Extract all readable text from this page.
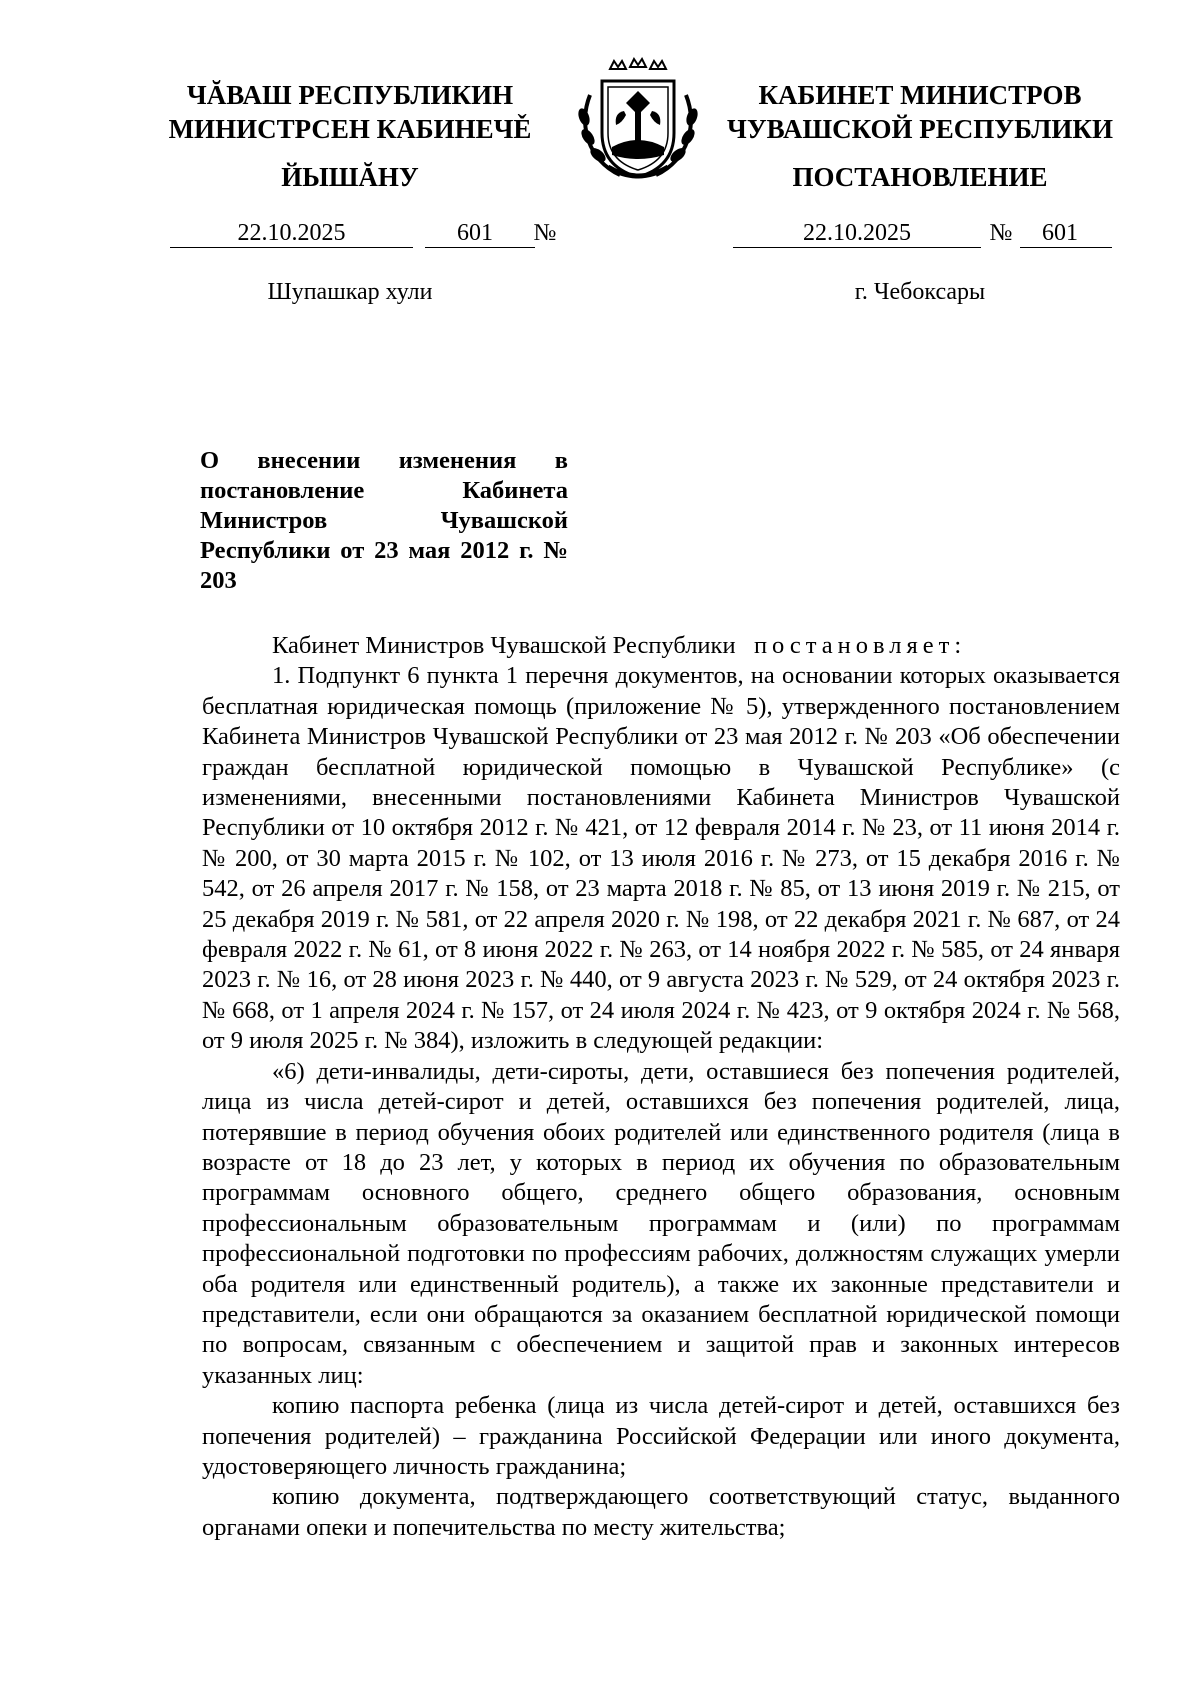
ЧĂВАШ РЕСПУБЛИКИН
МИНИСТРСЕН КАБИНЕЧĚ
ЙЫШĂНУ
КАБИНЕТ МИНИСТРОВ
ЧУВАШСКОЙ РЕСПУБЛИКИ
ПОСТАНОВЛЕНИЕ
22.10.2025	601	№	22.10.2025	№	601
Шупашкар хули	г. Чебоксары
О внесении изменения в постановление Кабинета Министров Чувашской Республики от 23 мая 2012 г. № 203

Кабинет Министров Чувашской Республики постановляет:

1. Подпункт 6 пункта 1 перечня документов, на основании которых оказывается бесплатная юридическая помощь (приложение № 5), утвержденного постановлением Кабинета Министров Чувашской Республики от 23 мая 2012 г. № 203 «Об обеспечении граждан бесплатной юридической помощью в Чувашской Республике» (с изменениями, внесенными постановлениями Кабинета Министров Чувашской Республики от 10 октября 2012 г. № 421, от 12 февраля 2014 г. № 23, от 11 июня 2014 г. № 200, от 30 марта 2015 г. № 102, от 13 июля 2016 г. № 273, от 15 декабря 2016 г. № 542, от 26 апреля 2017 г. № 158, от 23 марта 2018 г. № 85, от 13 июня 2019 г. № 215, от 25 декабря 2019 г. № 581, от 22 апреля 2020 г. № 198, от 22 декабря 2021 г. № 687, от 24 февраля 2022 г. № 61, от 8 июня 2022 г. № 263, от 14 ноября 2022 г. № 585, от 24 января 2023 г. № 16, от 28 июня 2023 г. № 440, от 9 августа 2023 г. № 529, от 24 октября 2023 г. № 668, от 1 апреля 2024 г. № 157, от 24 июля 2024 г. № 423, от 9 октября 2024 г. № 568, от 9 июля 2025 г. № 384), изложить в следующей редакции:

«6) дети-инвалиды, дети-сироты, дети, оставшиеся без попечения родителей, лица из числа детей-сирот и детей, оставшихся без попечения родителей, лица, потерявшие в период обучения обоих родителей или единственного родителя (лица в возрасте от 18 до 23 лет, у которых в период их обучения по образовательным программам основного общего, среднего общего образования, основным профессиональным образовательным программам и (или) по программам профессиональной подготовки по профессиям рабочих, должностям служащих умерли оба родителя или единственный родитель), а также их законные представители и представители, если они обращаются за оказанием бесплатной юридической помощи по вопросам, связанным с обеспечением и защитой прав и законных интересов указанных лиц:

копию паспорта ребенка (лица из числа детей-сирот и детей, оставшихся без попечения родителей) – гражданина Российской Федерации или иного документа, удостоверяющего личность гражданина;

копию документа, подтверждающего соответствующий статус, выданного органами опеки и попечительства по месту жительства;
